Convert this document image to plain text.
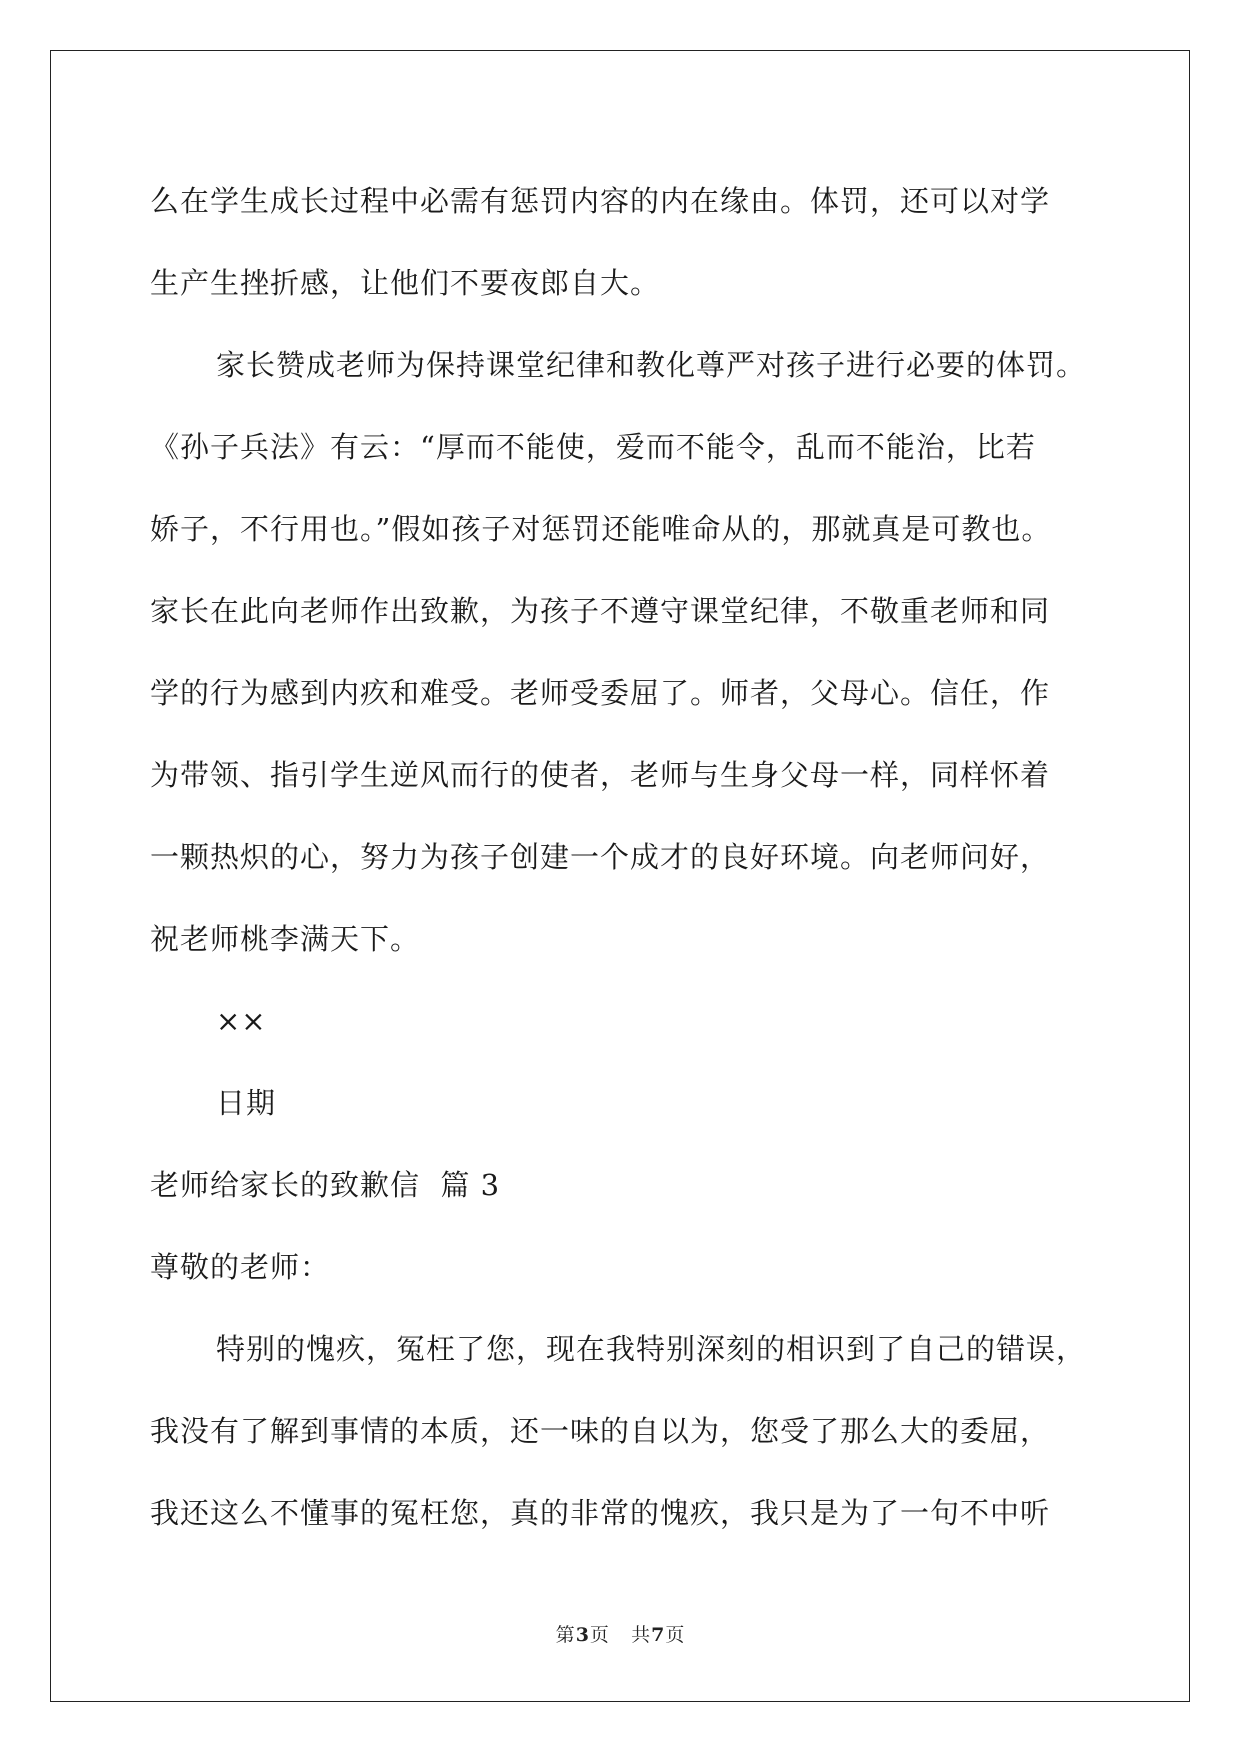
么在学生成长过程中必需有惩罚内容的内在缘由。体罚，还可以对学
生产生挫折感，让他们不要夜郎自大。
家长赞成老师为保持课堂纪律和教化尊严对孩子进行必要的体罚。
《孙子兵法》有云：“厚而不能使，爱而不能令，乱而不能治，比若
娇子，不行用也。”假如孩子对惩罚还能唯命从的，那就真是可教也。
家长在此向老师作出致歉，为孩子不遵守课堂纪律，不敬重老师和同
学的行为感到内疚和难受。老师受委屈了。师者，父母心。信任，作
为带领、指引学生逆风而行的使者，老师与生身父母一样，同样怀着
一颗热炽的心，努力为孩子创建一个成才的良好环境。向老师问好，
祝老师桃李满天下。
××
日期
老师给家长的致歉信  篇 3
尊敬的老师：
特别的愧疚，冤枉了您，现在我特别深刻的相识到了自己的错误，
我没有了解到事情的本质，还一味的自以为，您受了那么大的委屈，
我还这么不懂事的冤枉您，真的非常的愧疚，我只是为了一句不中听
第3页 共7页
